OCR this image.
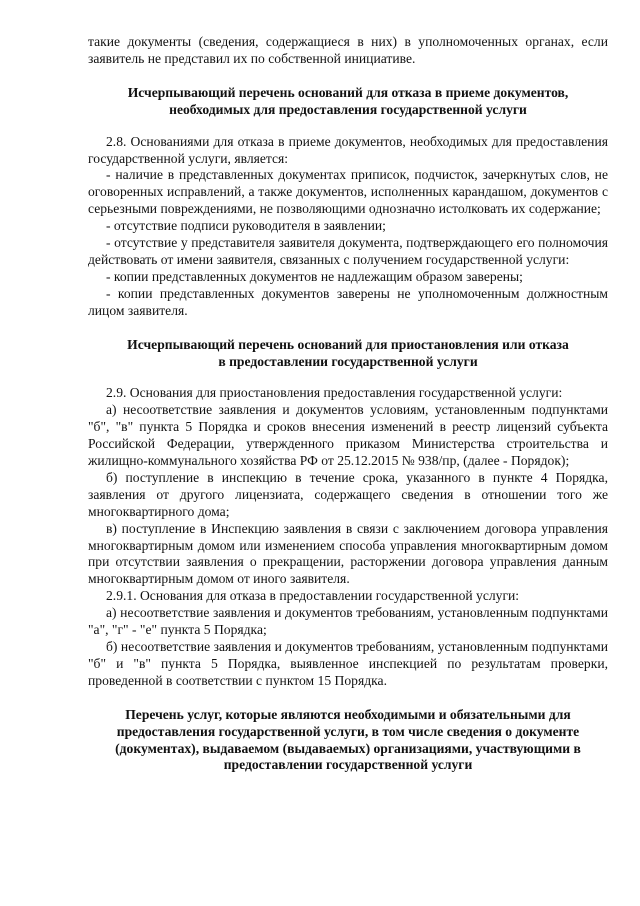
такие документы (сведения, содержащиеся в них) в уполномоченных органах, если заявитель не представил их по собственной инициативе.

Исчерпывающий перечень оснований для отказа в приеме документов,
необходимых для предоставления государственной услуги

2.8. Основаниями для отказа в приеме документов, необходимых для предоставления государственной услуги, является:

- наличие в представленных документах приписок, подчисток, зачеркнутых слов, не оговоренных исправлений, а также документов, исполненных карандашом, документов с серьезными повреждениями, не позволяющими однозначно истолковать их содержание;

- отсутствие подписи руководителя в заявлении;

- отсутствие у представителя заявителя документа, подтверждающего его полномочия действовать от имени заявителя, связанных с получением государственной услуги:

- копии представленных документов не надлежащим образом заверены;

- копии представленных документов заверены не уполномоченным должностным лицом заявителя.

Исчерпывающий перечень оснований для приостановления или отказа
в предоставлении государственной услуги

2.9. Основания для приостановления предоставления государственной услуги:

а) несоответствие заявления и документов условиям, установленным подпунктами "б", "в" пункта 5 Порядка и сроков внесения изменений в реестр лицензий субъекта Российской Федерации, утвержденного приказом Министерства строительства и жилищно-коммунального хозяйства РФ от 25.12.2015 № 938/пр, (далее - Порядок);

б) поступление в инспекцию в течение срока, указанного в пункте 4 Порядка, заявления от другого лицензиата, содержащего сведения в отношении того же многоквартирного дома;

в) поступление в Инспекцию заявления в связи с заключением договора управления многоквартирным домом или изменением способа управления многоквартирным домом при отсутствии заявления о прекращении, расторжении договора управления данным многоквартирным домом от иного заявителя.

2.9.1. Основания для отказа в предоставлении государственной услуги:

а) несоответствие заявления и документов требованиям, установленным подпунктами "а", "г" - "е" пункта 5 Порядка;

б) несоответствие заявления и документов требованиям, установленным подпунктами "б" и "в" пункта 5 Порядка, выявленное инспекцией по результатам проверки, проведенной в соответствии с пунктом 15 Порядка.

Перечень услуг, которые являются необходимыми и обязательными для
предоставления государственной услуги, в том числе сведения о документе
(документах), выдаваемом (выдаваемых) организациями, участвующими в
предоставлении государственной услуги
